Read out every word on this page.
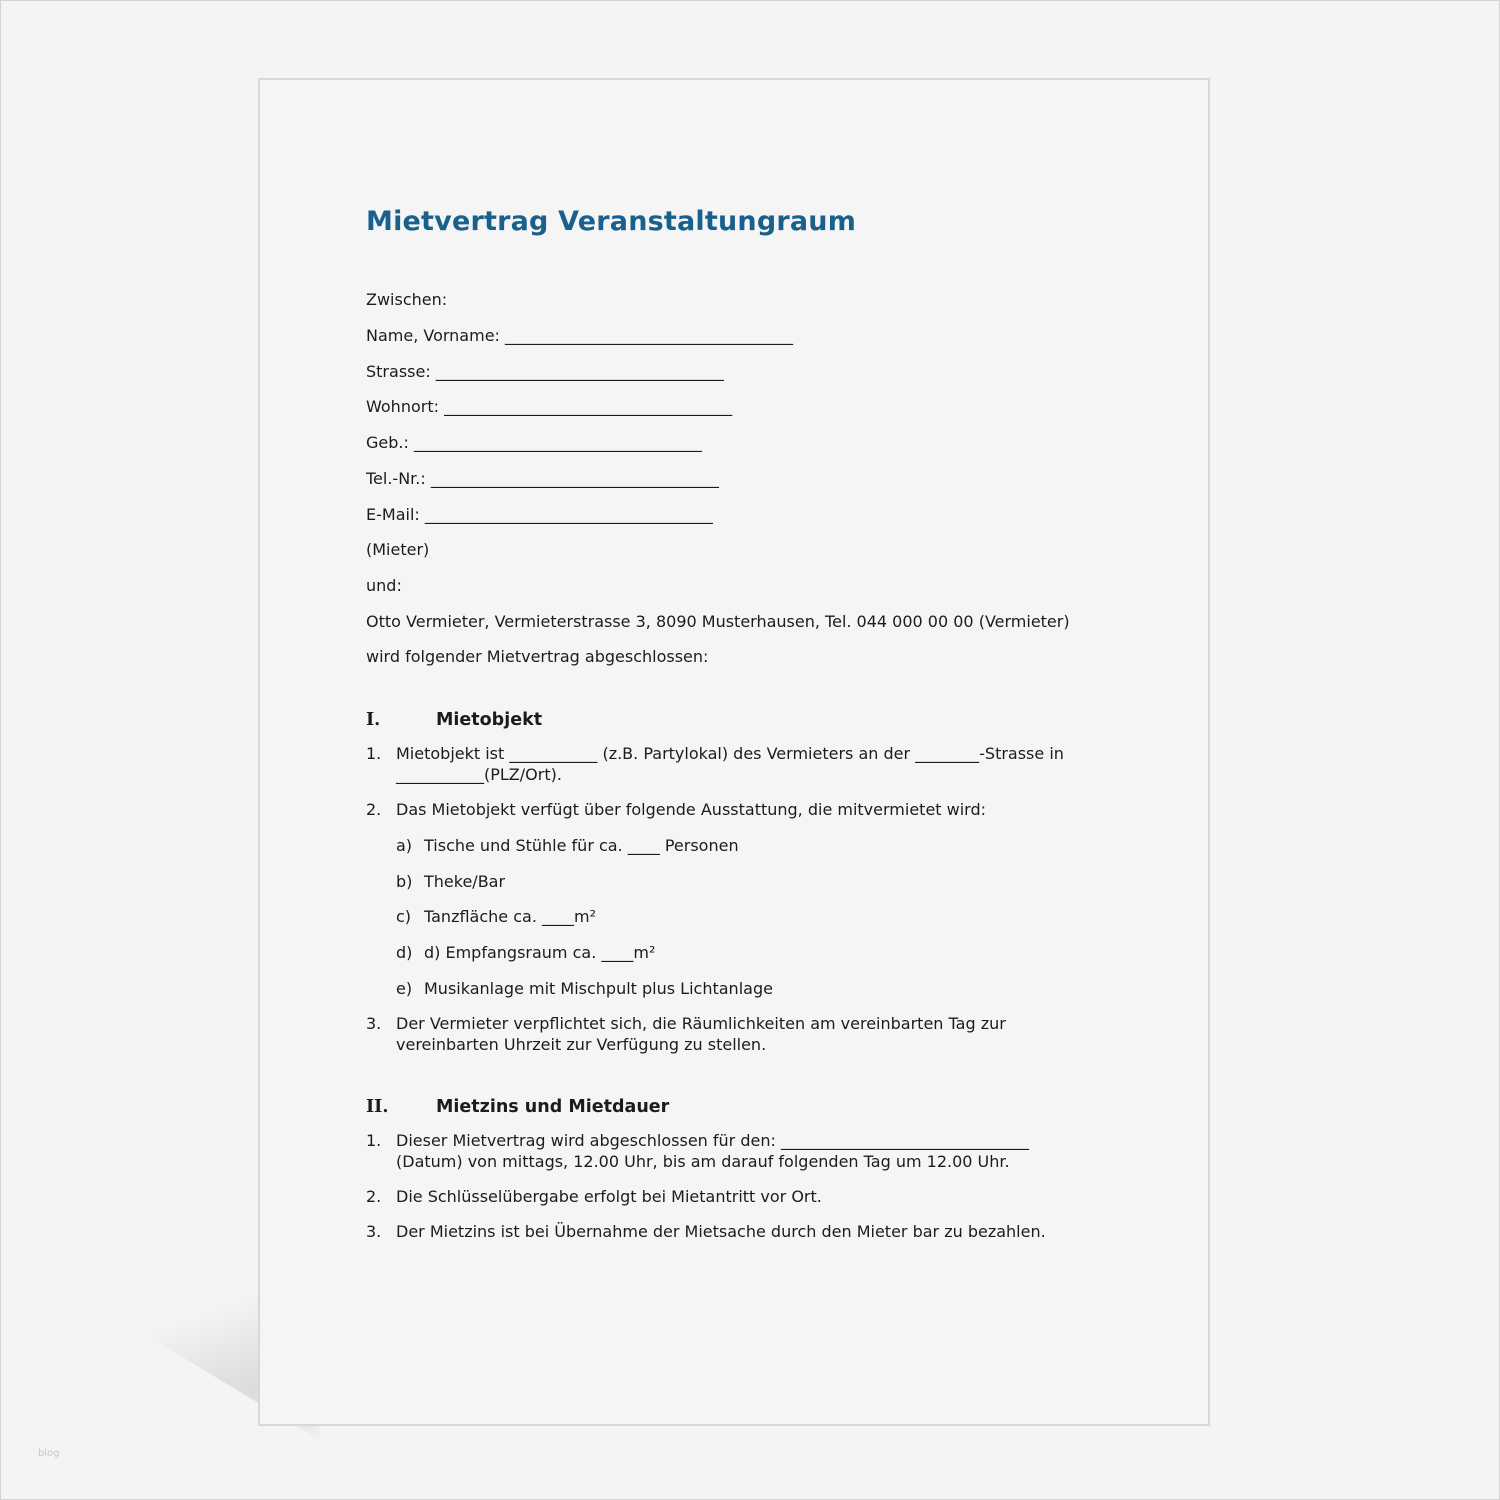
blog
Mietvertrag Veranstaltungraum
Zwischen:
Name, Vorname: ____________________________________
Strasse: ____________________________________
Wohnort: ____________________________________
Geb.: ____________________________________
Tel.-Nr.: ____________________________________
E-Mail: ____________________________________
(Mieter)
und:
Otto Vermieter, Vermieterstrasse 3, 8090 Musterhausen, Tel. 044 000 00 00 (Vermieter)
wird folgender Mietvertrag abgeschlossen:
I.	Mietobjekt
1. Mietobjekt ist ___________ (z.B. Partylokal) des Vermieters an der ________-Strasse in ___________(PLZ/Ort).
2. Das Mietobjekt verfügt über folgende Ausstattung, die mitvermietet wird:
a) Tische und Stühle für ca. ____ Personen
b) Theke/Bar
c) Tanzfläche ca. ____m²
d) d) Empfangsraum ca. ____m²
e) Musikanlage mit Mischpult plus Lichtanlage
3. Der Vermieter verpflichtet sich, die Räumlichkeiten am vereinbarten Tag zur vereinbarten Uhrzeit zur Verfügung zu stellen.
II.	Mietzins und Mietdauer
1. Dieser Mietvertrag wird abgeschlossen für den: _______________________________ (Datum) von mittags, 12.00 Uhr, bis am darauf folgenden Tag um 12.00 Uhr.
2. Die Schlüsselübergabe erfolgt bei Mietantritt vor Ort.
3. Der Mietzins ist bei Übernahme der Mietsache durch den Mieter bar zu bezahlen.
